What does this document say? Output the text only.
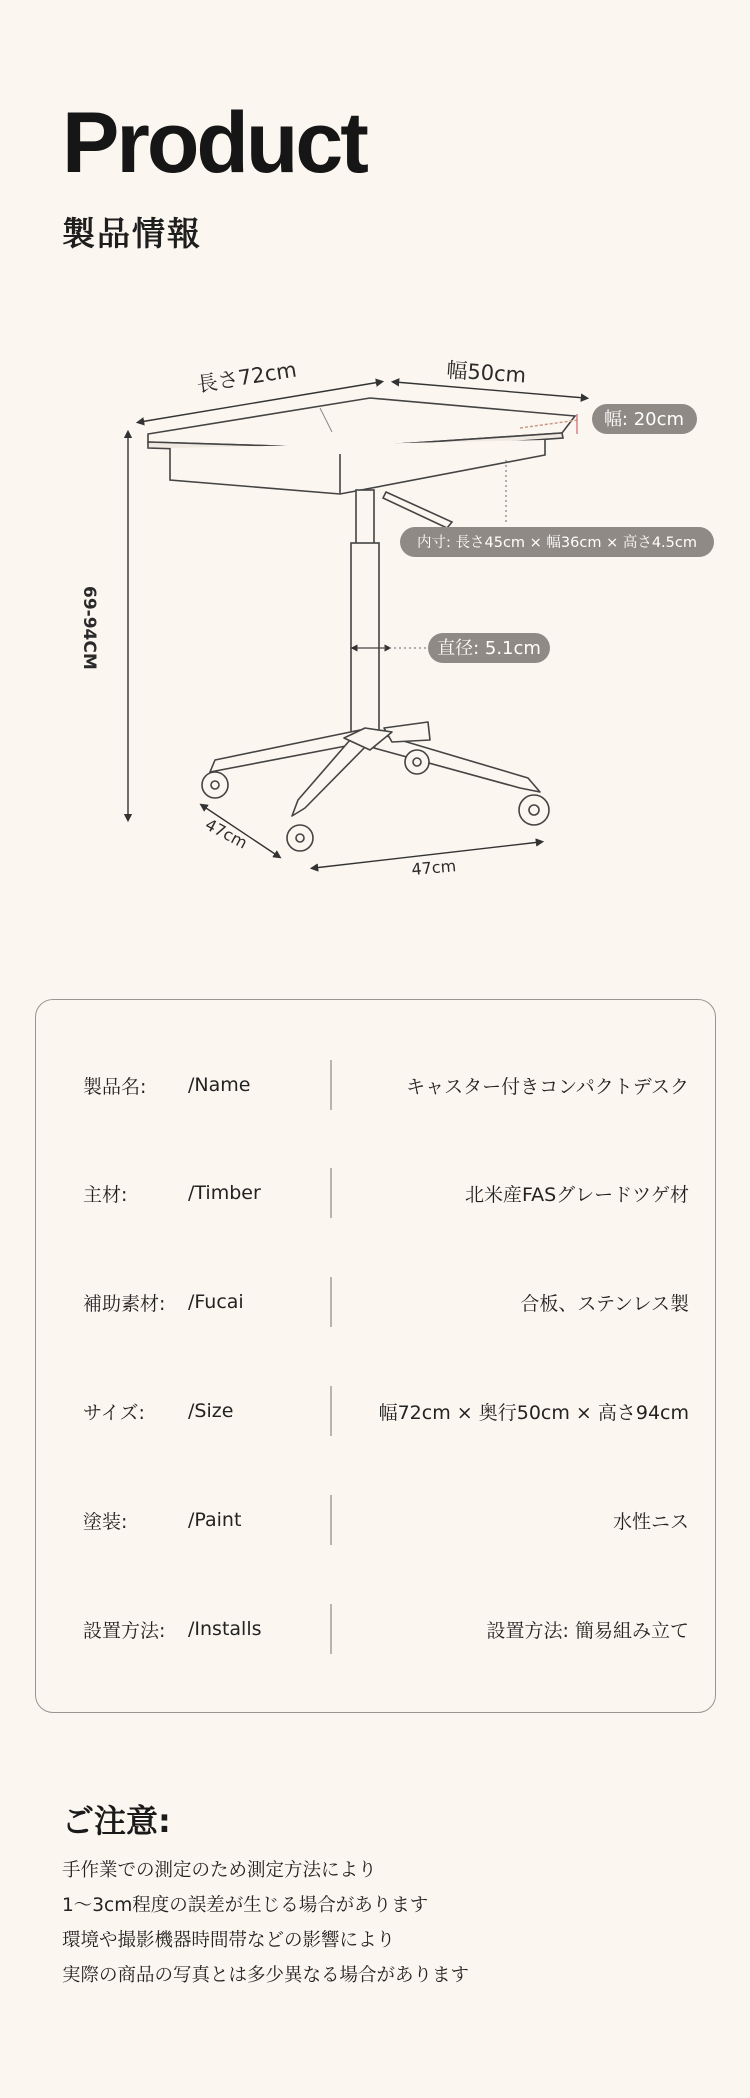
Product
製品情報
長さ72cm	幅50cm
69-94CM
47cm
47cm
幅: 20cm
内寸: 長さ45cm × 幅36cm × 高さ4.5cm
直径: 5.1cm
製品名: /Name	キャスター付きコンパクトデスク
主材:	/Timber	北米産FASグレードツゲ材
補助素材: /Fucai	合板、ステンレス製
サイズ: /Size	幅72cm × 奥行50cm × 高さ94cm
塗装:	/Paint	水性ニス
設置方法: /Installs	設置方法: 簡易組み立て
ご注意:
手作業での測定のため測定方法により
1～3cm程度の誤差が生じる場合があります
環境や撮影機器時間帯などの影響により
実際の商品の写真とは多少異なる場合があります
